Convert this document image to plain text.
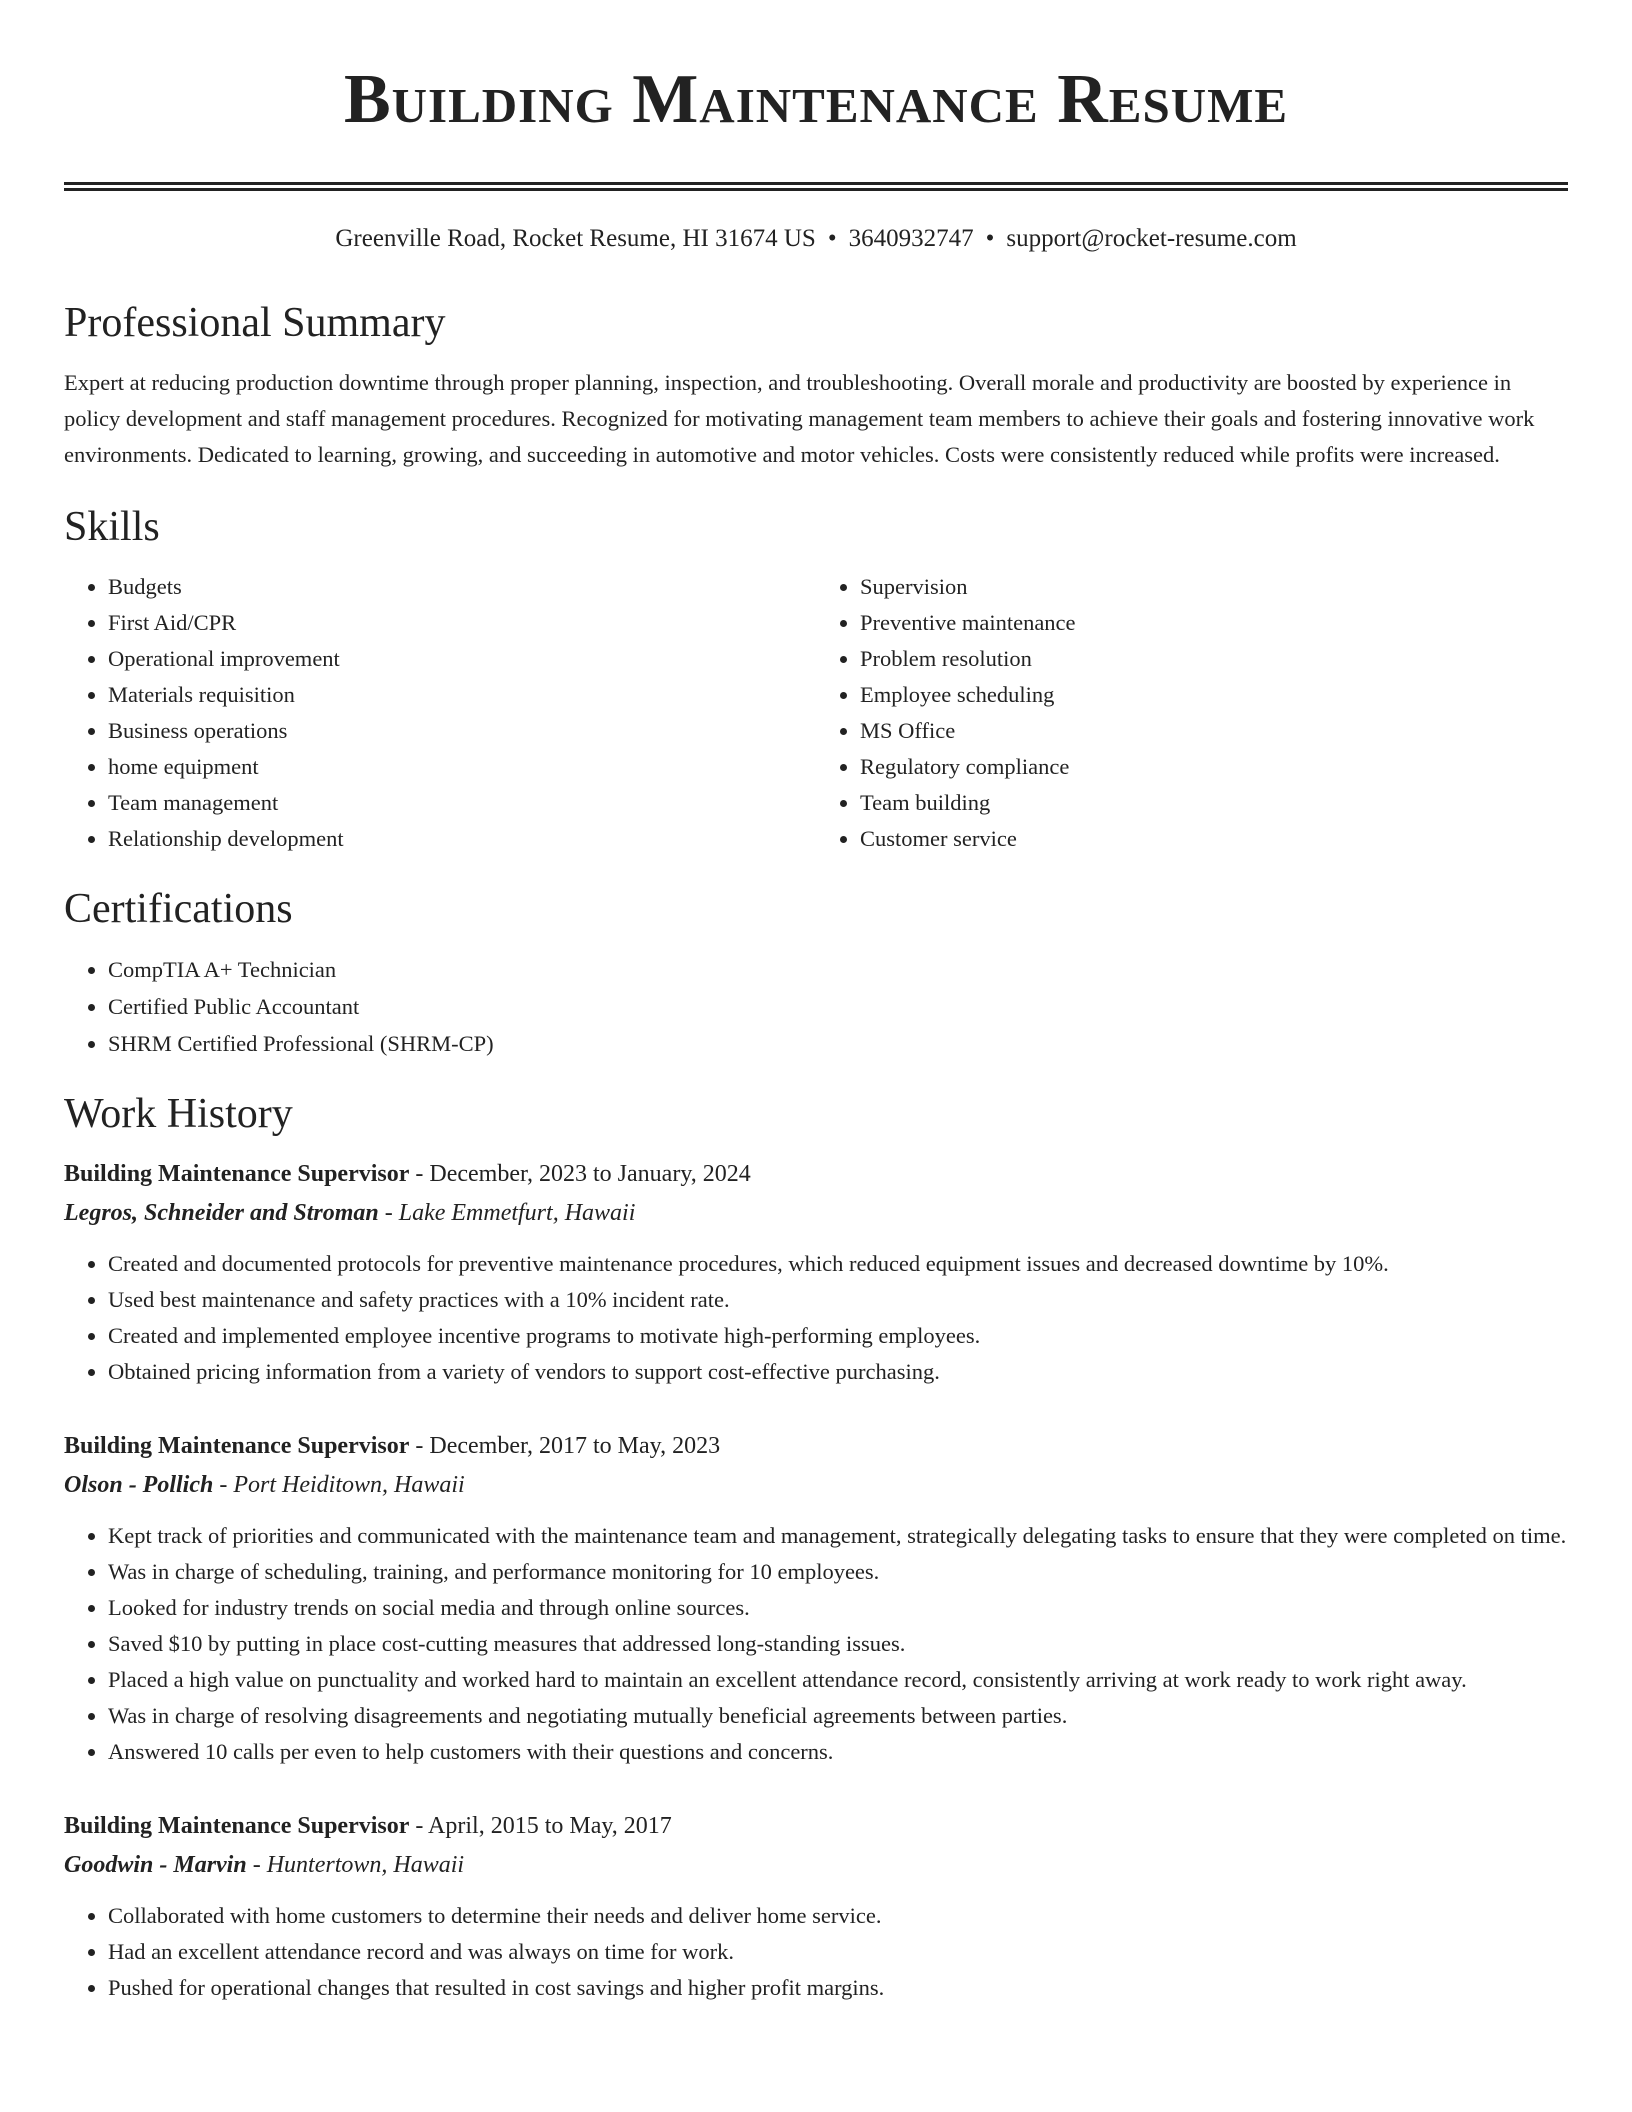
Building Maintenance Resume
Greenville Road, Rocket Resume, HI 31674 US • 3640932747 • support@rocket-resume.com
Professional Summary

Expert at reducing production downtime through proper planning, inspection, and troubleshooting. Overall morale and productivity are boosted by experience in policy development and staff management procedures. Recognized for motivating management team members to achieve their goals and fostering innovative work environments. Dedicated to learning, growing, and succeeding in automotive and motor vehicles. Costs were consistently reduced while profits were increased.

Skills
• Budgets
• First Aid/CPR
• Operational improvement
• Materials requisition
• Business operations
• home equipment
• Team management
• Relationship development
• Supervision
• Preventive maintenance
• Problem resolution
• Employee scheduling
• MS Office
• Regulatory compliance
• Team building
• Customer service
Certifications
• CompTIA A+ Technician
• Certified Public Accountant
• SHRM Certified Professional (SHRM-CP)
Work History
Building Maintenance Supervisor - December, 2023 to January, 2024
Legros, Schneider and Stroman - Lake Emmetfurt, Hawaii
• Created and documented protocols for preventive maintenance procedures, which reduced equipment issues and decreased downtime by 10%.
• Used best maintenance and safety practices with a 10% incident rate.
• Created and implemented employee incentive programs to motivate high-performing employees.
• Obtained pricing information from a variety of vendors to support cost-effective purchasing.
Building Maintenance Supervisor - December, 2017 to May, 2023
Olson - Pollich - Port Heiditown, Hawaii
• Kept track of priorities and communicated with the maintenance team and management, strategically delegating tasks to ensure that they were completed on time.
• Was in charge of scheduling, training, and performance monitoring for 10 employees.
• Looked for industry trends on social media and through online sources.
• Saved $10 by putting in place cost-cutting measures that addressed long-standing issues.
• Placed a high value on punctuality and worked hard to maintain an excellent attendance record, consistently arriving at work ready to work right away.
• Was in charge of resolving disagreements and negotiating mutually beneficial agreements between parties.
• Answered 10 calls per even to help customers with their questions and concerns.
Building Maintenance Supervisor - April, 2015 to May, 2017
Goodwin - Marvin - Huntertown, Hawaii
• Collaborated with home customers to determine their needs and deliver home service.
• Had an excellent attendance record and was always on time for work.
• Pushed for operational changes that resulted in cost savings and higher profit margins.
